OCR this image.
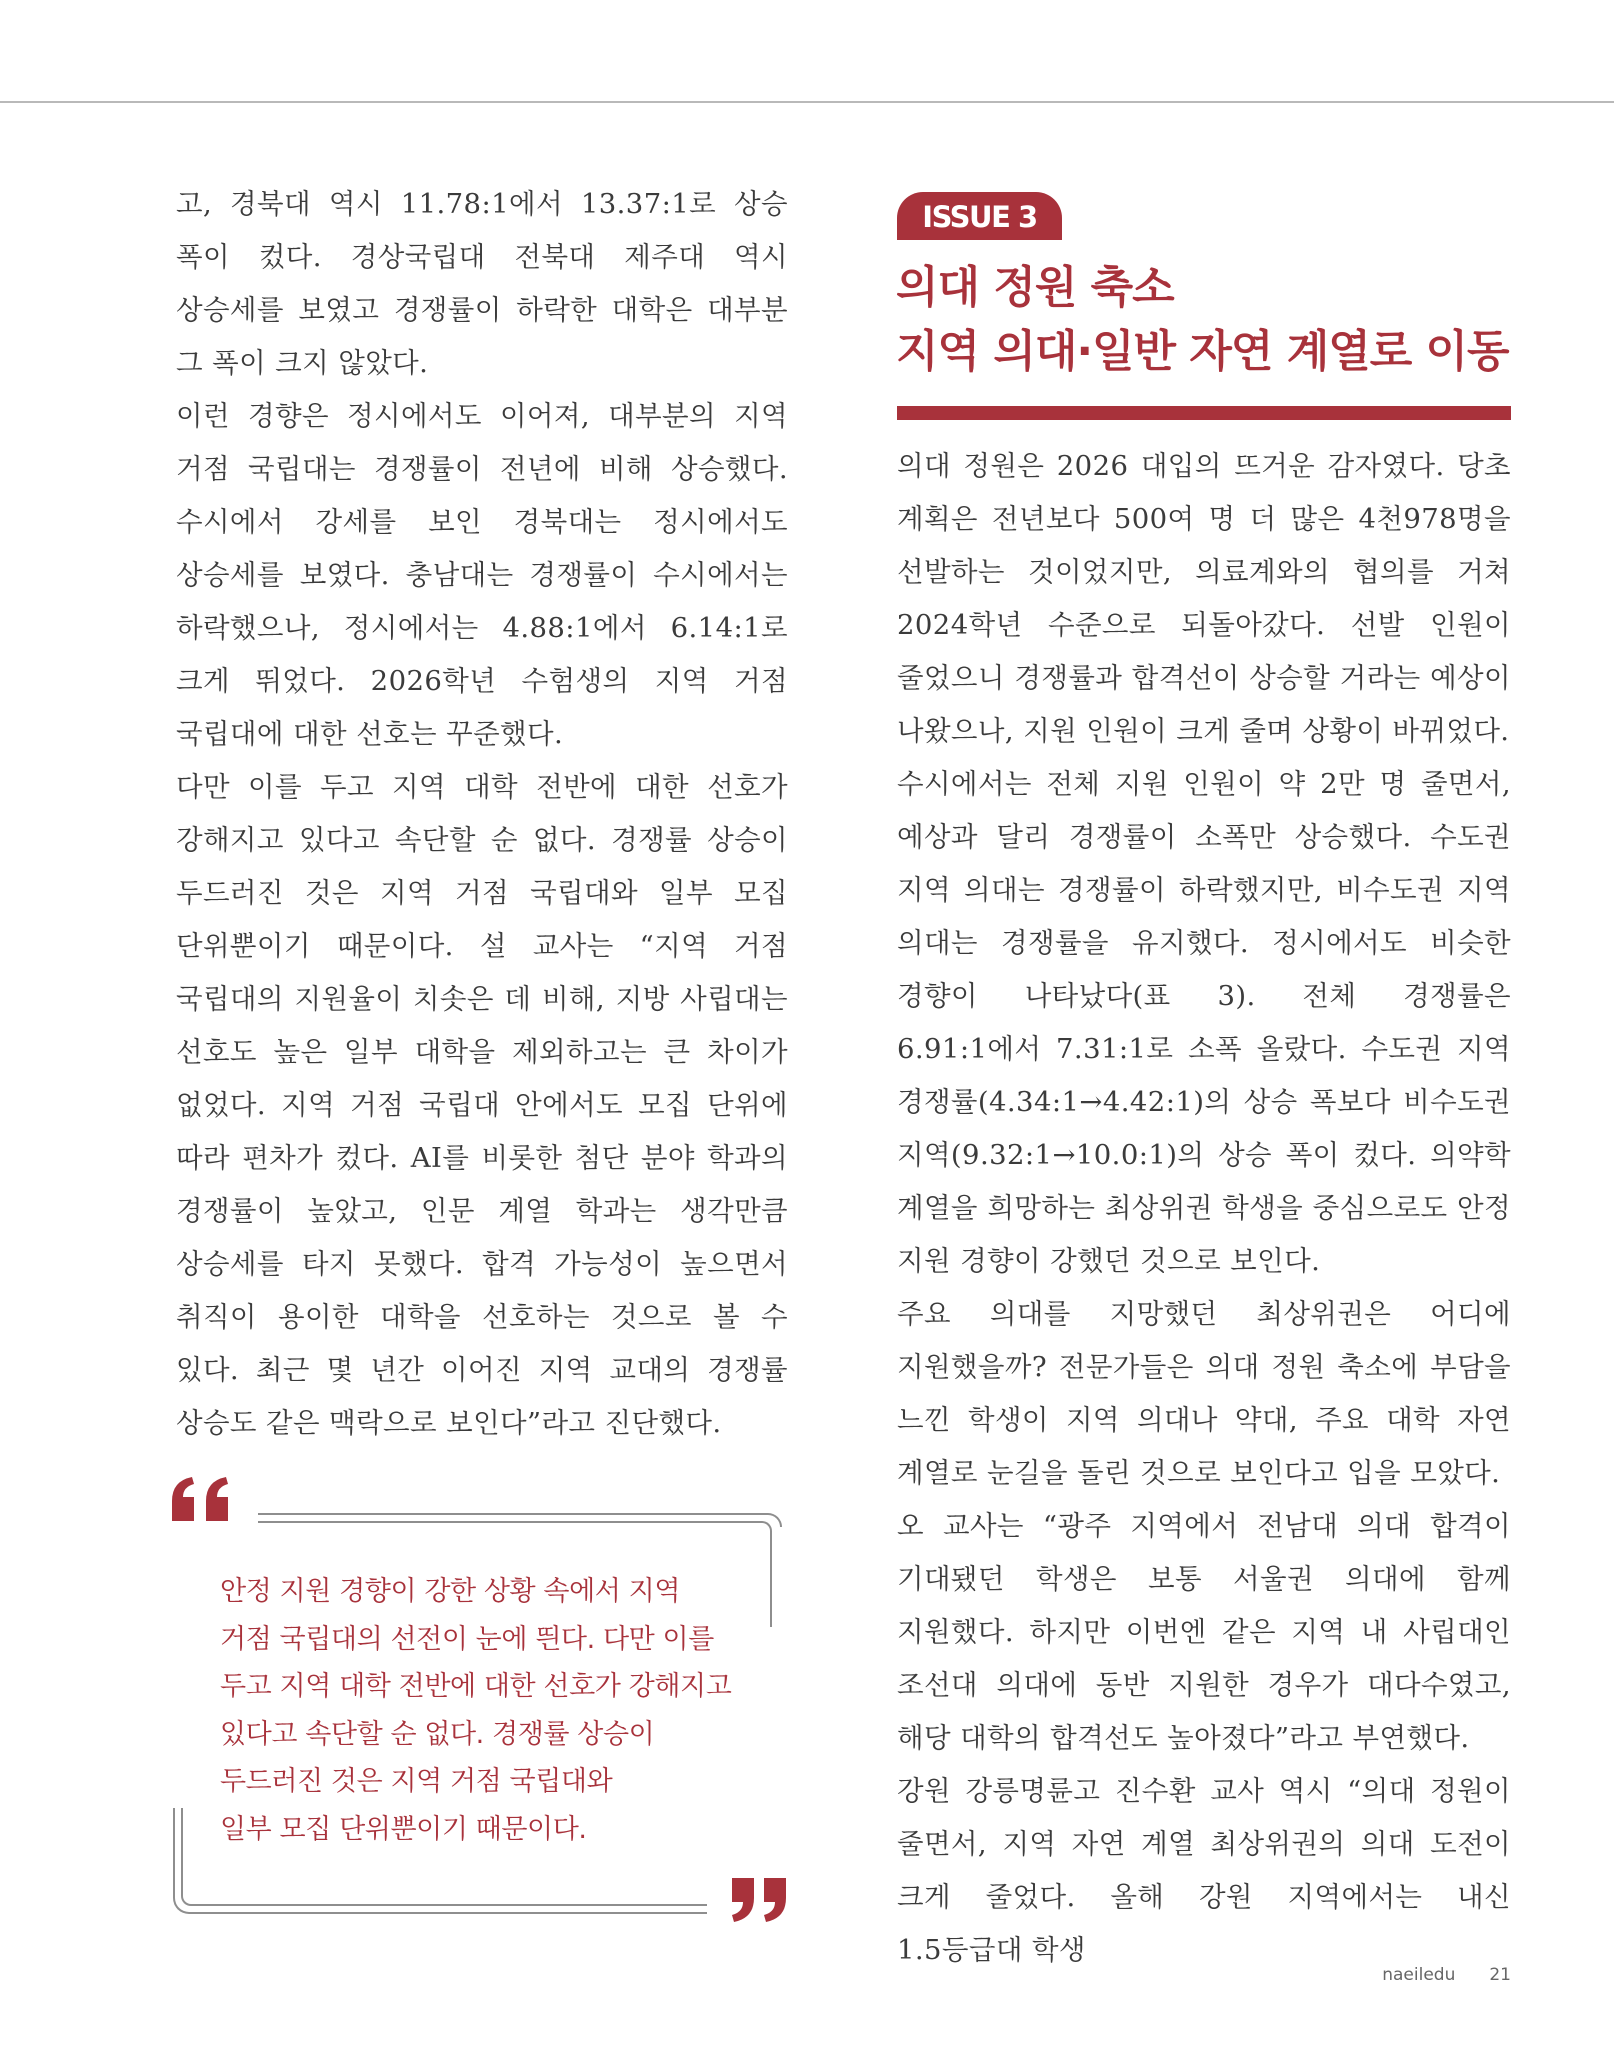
고, 경북대 역시 11.78:1에서 13.37:1로 상승 폭이 컸다. 경상국립대 전북대 제주대 역시 상승세를 보였고 경쟁률이 하락한 대학은 대부분 그 폭이 크지 않았다.

이런 경향은 정시에서도 이어져, 대부분의 지역 거점 국립대는 경쟁률이 전년에 비해 상승했다. 수시에서 강세를 보인 경북대는 정시에서도 상승세를 보였다. 충남대는 경쟁률이 수시에서는 하락했으나, 정시에서는 4.88:1에서 6.14:1로 크게 뛰었다. 2026학년 수험생의 지역 거점 국립대에 대한 선호는 꾸준했다.

다만 이를 두고 지역 대학 전반에 대한 선호가 강해지고 있다고 속단할 순 없다. 경쟁률 상승이 두드러진 것은 지역 거점 국립대와 일부 모집 단위뿐이기 때문이다. 설 교사는 “지역 거점 국립대의 지원율이 치솟은 데 비해, 지방 사립대는 선호도 높은 일부 대학을 제외하고는 큰 차이가 없었다. 지역 거점 국립대 안에서도 모집 단위에 따라 편차가 컸다. AI를 비롯한 첨단 분야 학과의 경쟁률이 높았고, 인문 계열 학과는 생각만큼 상승세를 타지 못했다. 합격 가능성이 높으면서 취직이 용이한 대학을 선호하는 것으로 볼 수 있다. 최근 몇 년간 이어진 지역 교대의 경쟁률 상승도 같은 맥락으로 보인다”라고 진단했다.

안정 지원 경향이 강한 상황 속에서 지역
거점 국립대의 선전이 눈에 띈다. 다만 이를
두고 지역 대학 전반에 대한 선호가 강해지고
있다고 속단할 순 없다. 경쟁률 상승이
두드러진 것은 지역 거점 국립대와
일부 모집 단위뿐이기 때문이다.

ISSUE 3
의대 정원 축소
지역 의대·일반 자연 계열로 이동

의대 정원은 2026 대입의 뜨거운 감자였다. 당초 계획은 전년보다 500여 명 더 많은 4천978명을 선발하는 것이었지만, 의료계와의 협의를 거쳐 2024학년 수준으로 되돌아갔다. 선발 인원이 줄었으니 경쟁률과 합격선이 상승할 거라는 예상이 나왔으나, 지원 인원이 크게 줄며 상황이 바뀌었다.

수시에서는 전체 지원 인원이 약 2만 명 줄면서, 예상과 달리 경쟁률이 소폭만 상승했다. 수도권 지역 의대는 경쟁률이 하락했지만, 비수도권 지역 의대는 경쟁률을 유지했다. 정시에서도 비슷한 경향이 나타났다(표 3). 전체 경쟁률은 6.91:1에서 7.31:1로 소폭 올랐다. 수도권 지역 경쟁률(4.34:1→4.42:1)의 상승 폭보다 비수도권 지역(9.32:1→10.0:1)의 상승 폭이 컸다. 의약학 계열을 희망하는 최상위권 학생을 중심으로도 안정 지원 경향이 강했던 것으로 보인다.

주요 의대를 지망했던 최상위권은 어디에 지원했을까? 전문가들은 의대 정원 축소에 부담을 느낀 학생이 지역 의대나 약대, 주요 대학 자연 계열로 눈길을 돌린 것으로 보인다고 입을 모았다.

오 교사는 “광주 지역에서 전남대 의대 합격이 기대됐던 학생은 보통 서울권 의대에 함께 지원했다. 하지만 이번엔 같은 지역 내 사립대인 조선대 의대에 동반 지원한 경우가 대다수였고, 해당 대학의 합격선도 높아졌다”라고 부연했다.

강원 강릉명륜고 진수환 교사 역시 “의대 정원이 줄면서, 지역 자연 계열 최상위권의 의대 도전이 크게 줄었다. 올해 강원 지역에서는 내신 1.5등급대 학생

naeiledu 21
